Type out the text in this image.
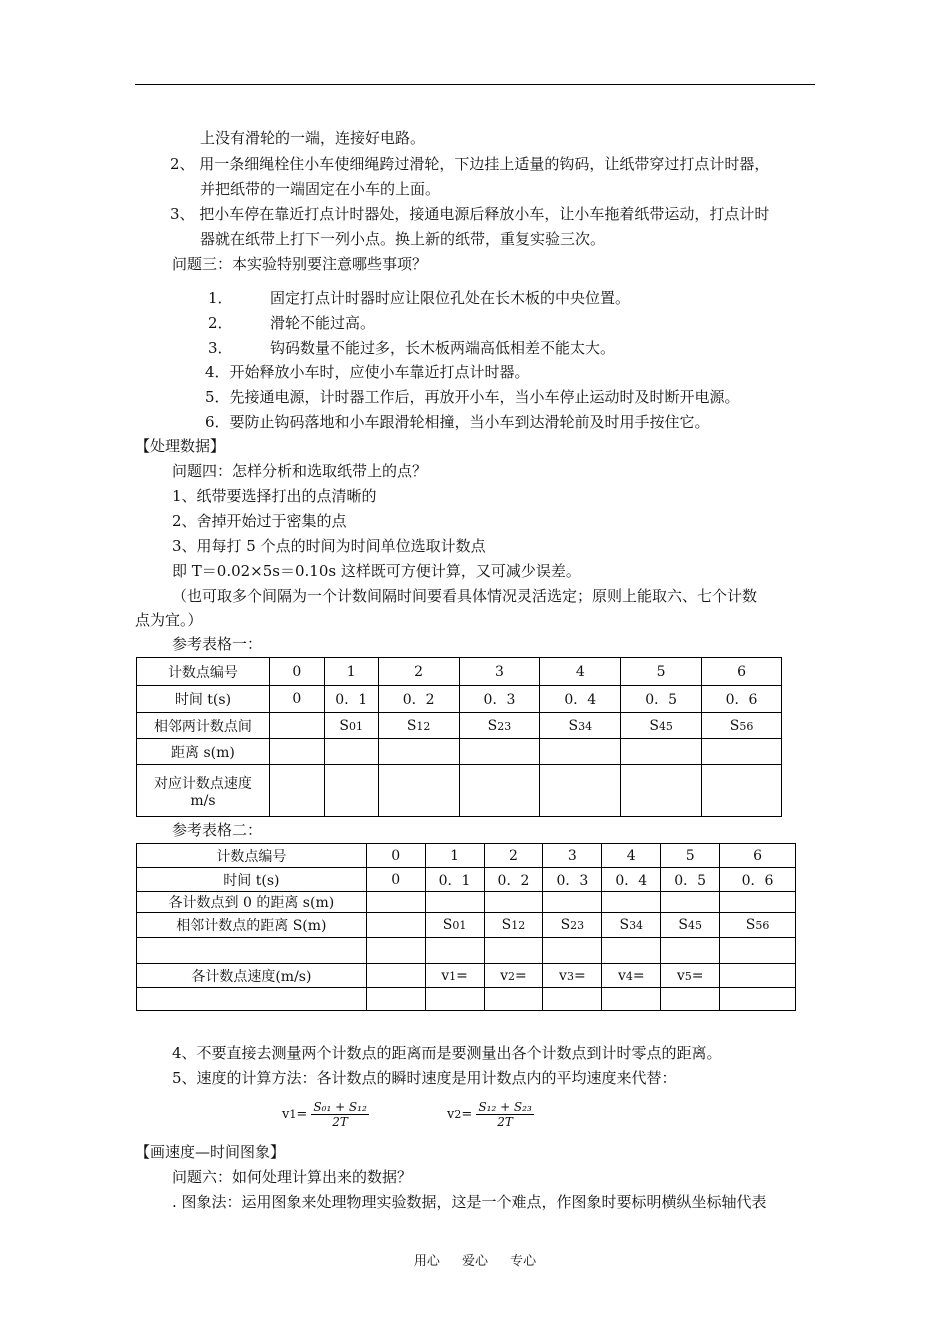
上没有滑轮的一端，连接好电路。
2、 用一条细绳栓住小车使细绳跨过滑轮，下边挂上适量的钩码，让纸带穿过打点计时器，
并把纸带的一端固定在小车的上面。
3、 把小车停在靠近打点计时器处，接通电源后释放小车，让小车拖着纸带运动，打点计时
器就在纸带上打下一列小点。换上新的纸带，重复实验三次。
问题三：本实验特别要注意哪些事项？
1． 固定打点计时器时应让限位孔处在长木板的中央位置。
2． 滑轮不能过高。
3． 钩码数量不能过多，长木板两端高低相差不能太大。
4．开始释放小车时，应使小车靠近打点计时器。
5．先接通电源，计时器工作后，再放开小车，当小车停止运动时及时断开电源。
6．要防止钩码落地和小车跟滑轮相撞，当小车到达滑轮前及时用手按住它。
【处理数据】
问题四：怎样分析和选取纸带上的点？
1、纸带要选择打出的点清晰的
2、舍掉开始过于密集的点
3、用每打 5 个点的时间为时间单位选取计数点
即 T＝0.02×5s＝0.10s 这样既可方便计算，又可减少误差。
（也可取多个间隔为一个计数间隔时间要看具体情况灵活选定；原则上能取六、七个计数
点为宜。）
参考表格一：
计数点编号	0	1	2	3	4	5	6
时间 t(s)	0	0．1	0．2	0．3	0．4	0．5	0．6
相邻两计数点间		S01	S12	S23	S34	S45	S56
距离 s(m)							

对应计数点速度
m/s							

参考表格二：
计数点编号	0	1	2	3	4	5	6
时间 t(s)	0	0．1	0．2	0．3	0．4	0．5	0．6
各计数点到 0 的距离 s(m)							
相邻计数点的距离 S(m)		S01	S12	S23	S34	S45	S56

各计数点速度(m/s)		v1=	v2=	v3=	v4=	v5=	

4、不要直接去测量两个计数点的距离而是要测量出各个计数点到计时零点的距离。
5、速度的计算方法：各计数点的瞬时速度是用计数点内的平均速度来代替：
$v1= \frac{\text{S₀₁ + S₁₂}}{2T}$	$v2= \frac{\text{S₁₂ + S₂₃}}{2T}$
【画速度—时间图象】
问题六：如何处理计算出来的数据？
. 图象法：运用图象来处理物理实验数据，这是一个难点，作图象时要标明横纵坐标轴代表
用心 爱心 专心
